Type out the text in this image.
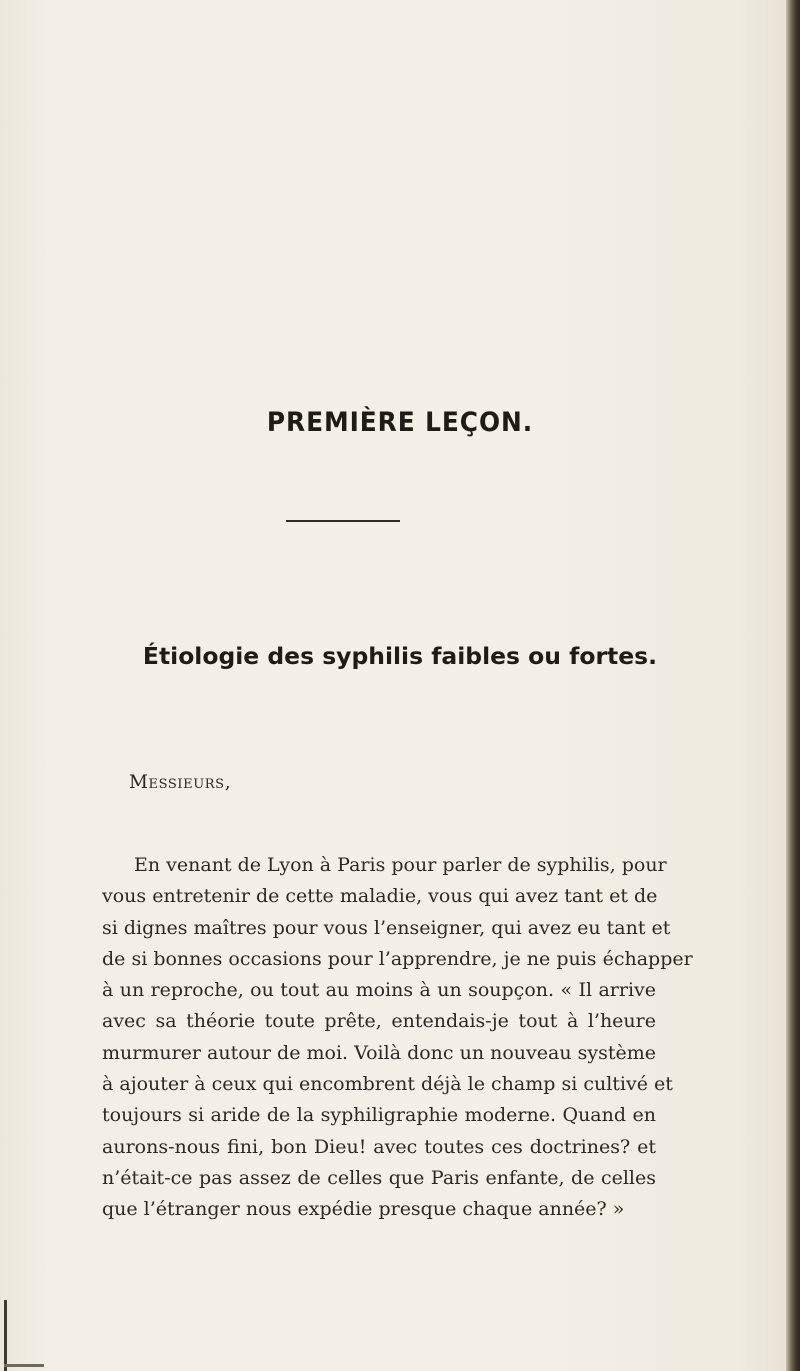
PREMIÈRE LEÇON.
Étiologie des syphilis faibles ou fortes.
Messieurs,
En venant de Lyon à Paris pour parler de syphilis, pour
vous entretenir de cette maladie, vous qui avez tant et de
si dignes maîtres pour vous l’enseigner, qui avez eu tant et
de si bonnes occasions pour l’apprendre, je ne puis échapper
à un reproche, ou tout au moins à un soupçon. « Il arrive
avec sa théorie toute prête, entendais-je tout à l’heure
murmurer autour de moi. Voilà donc un nouveau système
à ajouter à ceux qui encombrent déjà le champ si cultivé et
toujours si aride de la syphiligraphie moderne. Quand en
aurons-nous fini, bon Dieu! avec toutes ces doctrines? et
n’était-ce pas assez de celles que Paris enfante, de celles
que l’étranger nous expédie presque chaque année? »
